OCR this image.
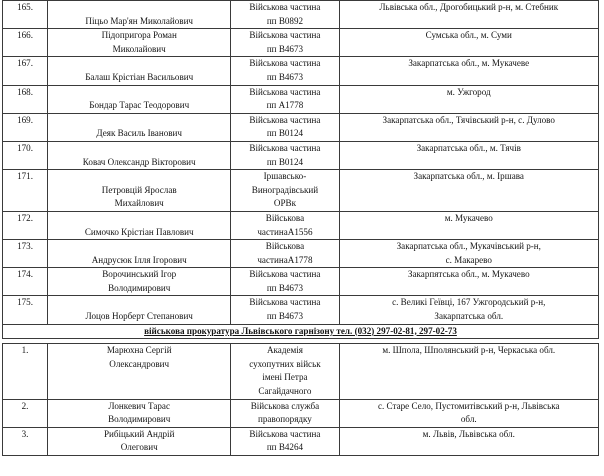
165.	Піцьо Мар'ян Миколайович	Військова частина
пп В0892	Львівська обл., Дрогобицький р-н, м. Стебник
166.	Підопригора Роман
Миколайович	Військова частина
пп В4673	Сумська обл., м. Суми
167.	Балаш Крістіан Васильович	Військова частина
пп В4673	Закарпатська обл., м. Мукачеве
168.	Бондар Тарас Теодорович	Військова частина
пп А1778	м. Ужгород
169.	Деяк Василь Іванович	Військова частина
пп В0124	Закарпатська обл., Тячівський р-н, с. Дулово
170.	Ковач Олександр Вікторович	Військова частина
пп В0124	Закарпатська обл., м. Тячів
171.	Петровцій Ярослав
Михайлович	Іршавсько-
Виноградівський
ОРВк	Закарпатська обл., м. Іршава
172.	Симочко Крістіан Павлович	Військова
частинаА1556	м. Мукачево
173.	Андрусюк Ілля Ігорович	Військова
частинаА1778	Закарпатська обл., Мукачівський р-н,
с. Макарево
174.	Ворочинський Ігор
Володимирович	Військова частина
пп В4673	Закарпятська обл., м. Мукачево
175.	Лоцов Норберт Степанович	Військова частина
пп В4673	с. Великі Геївці, 167 Ужгородський р-н,
Закарпатська обл.
військова прокуратура Львівського гарнізону тел. (032) 297-02-81, 297-02-73			
1.	Марюхна Сергій
Олександрович	Академія
сухопутних військ
імені Петра
Сагайдачного	м. Шпола, Шполянський р-н, Черкаська обл.
2.	Лонкевич Тарас
Володимирович	Військова служба
правопорядку	с. Старе Село, Пустомитівський р-н, Львівська
обл.
3.	Рибіцький Андрій
Олегович	Військова частина
пп В4264	м. Львів, Львівська обл.
